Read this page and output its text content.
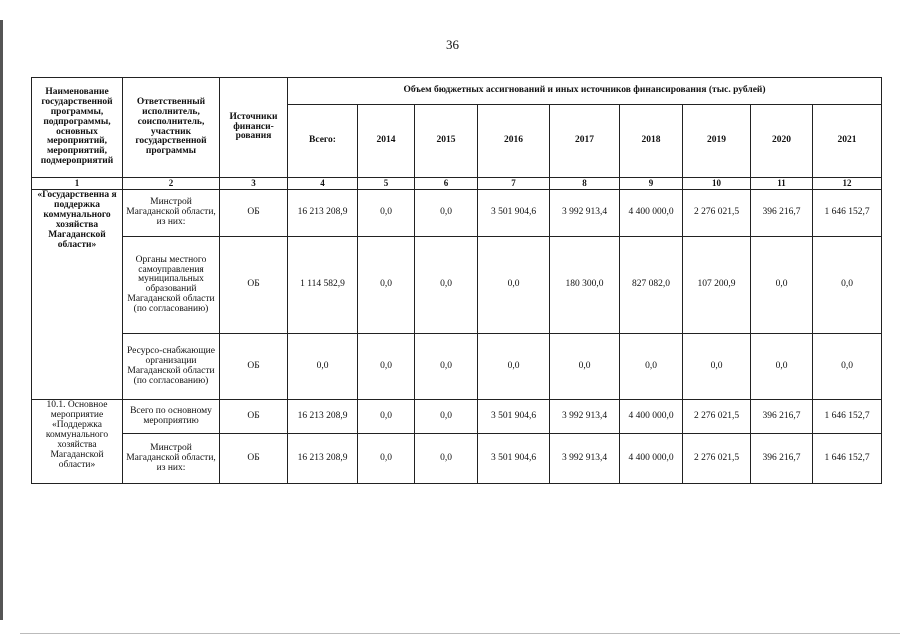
36
Наименование государственной программы, подпрограммы, основных мероприятий, мероприятий, подмероприятий	Ответственный исполнитель, соисполнитель, участник государственной программы	Источники финанси-рования	Объем бюджетных ассигнований и иных источников финансирования (тыс. рублей)								
			Всего:	2014	2015	2016	2017	2018	2019	2020	2021
1	2	3	4	5	6	7	8	9	10	11	12
«Государственна я поддержка коммунального хозяйства Магаданской области»	Минстрой Магаданской области, из них:	ОБ	16 213 208,9	0,0	0,0	3 501 904,6	3 992 913,4	4 400 000,0	2 276 021,5	396 216,7	1 646 152,7
	Органы местного самоуправления муниципальных образований Магаданской области (по согласованию)	ОБ	1 114 582,9	0,0	0,0	0,0	180 300,0	827 082,0	107 200,9	0,0	0,0
	Ресурсо-снабжающие организации Магаданской области (по согласованию)	ОБ	0,0	0,0	0,0	0,0	0,0	0,0	0,0	0,0	0,0
10.1. Основное мероприятие «Поддержка коммунального хозяйства Магаданской области»	Всего по основному мероприятию	ОБ	16 213 208,9	0,0	0,0	3 501 904,6	3 992 913,4	4 400 000,0	2 276 021,5	396 216,7	1 646 152,7
	Минстрой Магаданской области, из них:	ОБ	16 213 208,9	0,0	0,0	3 501 904,6	3 992 913,4	4 400 000,0	2 276 021,5	396 216,7	1 646 152,7
